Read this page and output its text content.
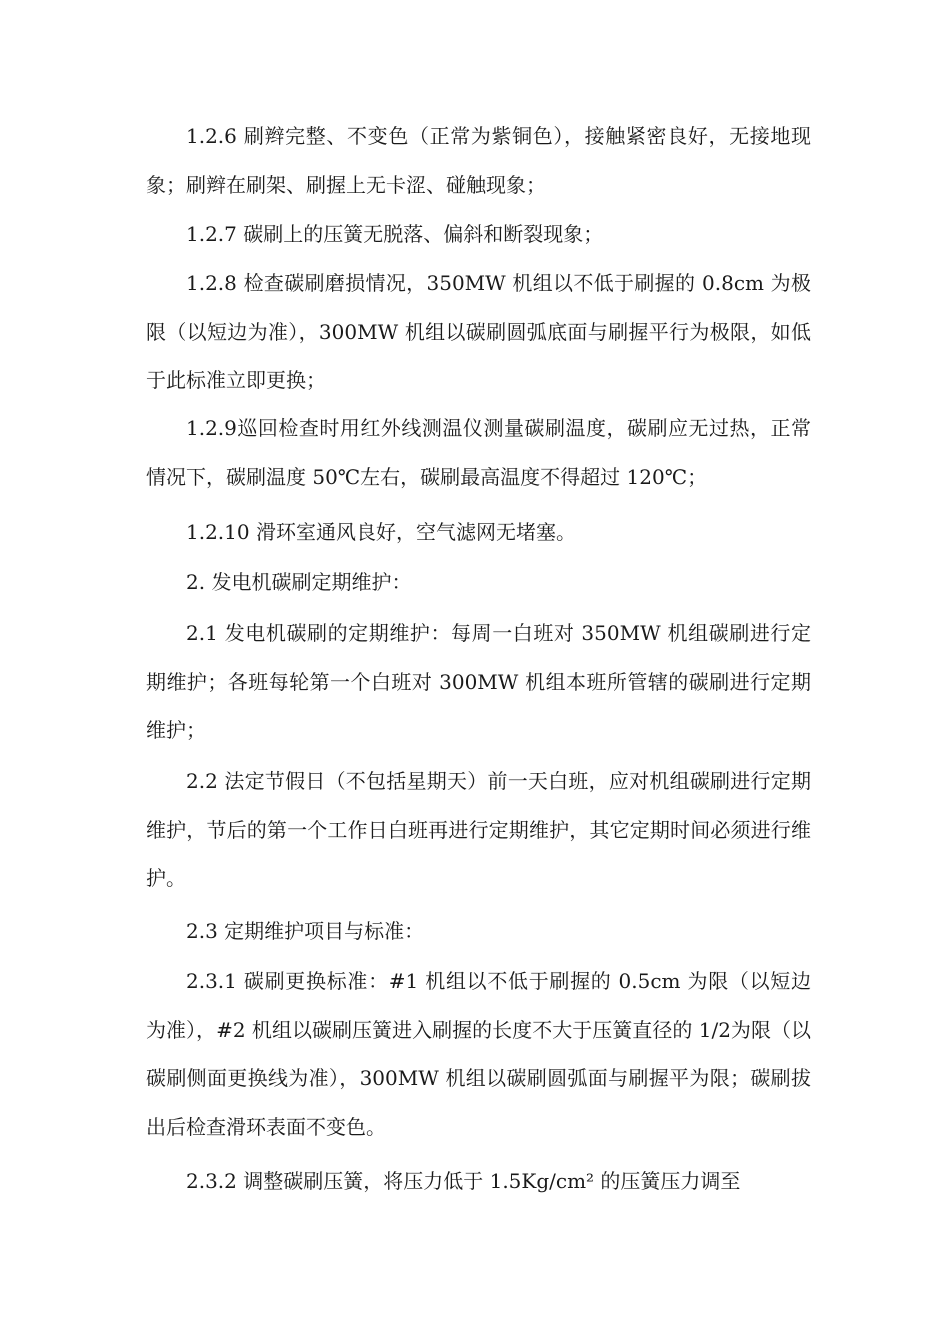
1.2.6 刷辫完整、不变色（正常为紫铜色），接触紧密良好，无接地现象；刷辫在刷架、刷握上无卡涩、碰触现象；

1.2.7 碳刷上的压簧无脱落、偏斜和断裂现象；

1.2.8 检查碳刷磨损情况，350MW 机组以不低于刷握的 0.8cm 为极限（以短边为准），300MW 机组以碳刷圆弧底面与刷握平行为极限，如低于此标准立即更换；

1.2.9巡回检查时用红外线测温仪测量碳刷温度，碳刷应无过热，正常情况下，碳刷温度 50℃左右，碳刷最高温度不得超过 120℃；

1.2.10 滑环室通风良好，空气滤网无堵塞。

2. 发电机碳刷定期维护：

2.1 发电机碳刷的定期维护：每周一白班对 350MW 机组碳刷进行定期维护；各班每轮第一个白班对 300MW 机组本班所管辖的碳刷进行定期维护；

2.2 法定节假日（不包括星期天）前一天白班，应对机组碳刷进行定期维护，节后的第一个工作日白班再进行定期维护，其它定期时间必须进行维护。

2.3 定期维护项目与标准：

2.3.1 碳刷更换标准：#1 机组以不低于刷握的 0.5cm 为限（以短边为准），#2 机组以碳刷压簧进入刷握的长度不大于压簧直径的 1/2为限（以碳刷侧面更换线为准），300MW 机组以碳刷圆弧面与刷握平为限；碳刷拔出后检查滑环表面不变色。

2.3.2 调整碳刷压簧，将压力低于 1.5Kg/cm² 的压簧压力调至
